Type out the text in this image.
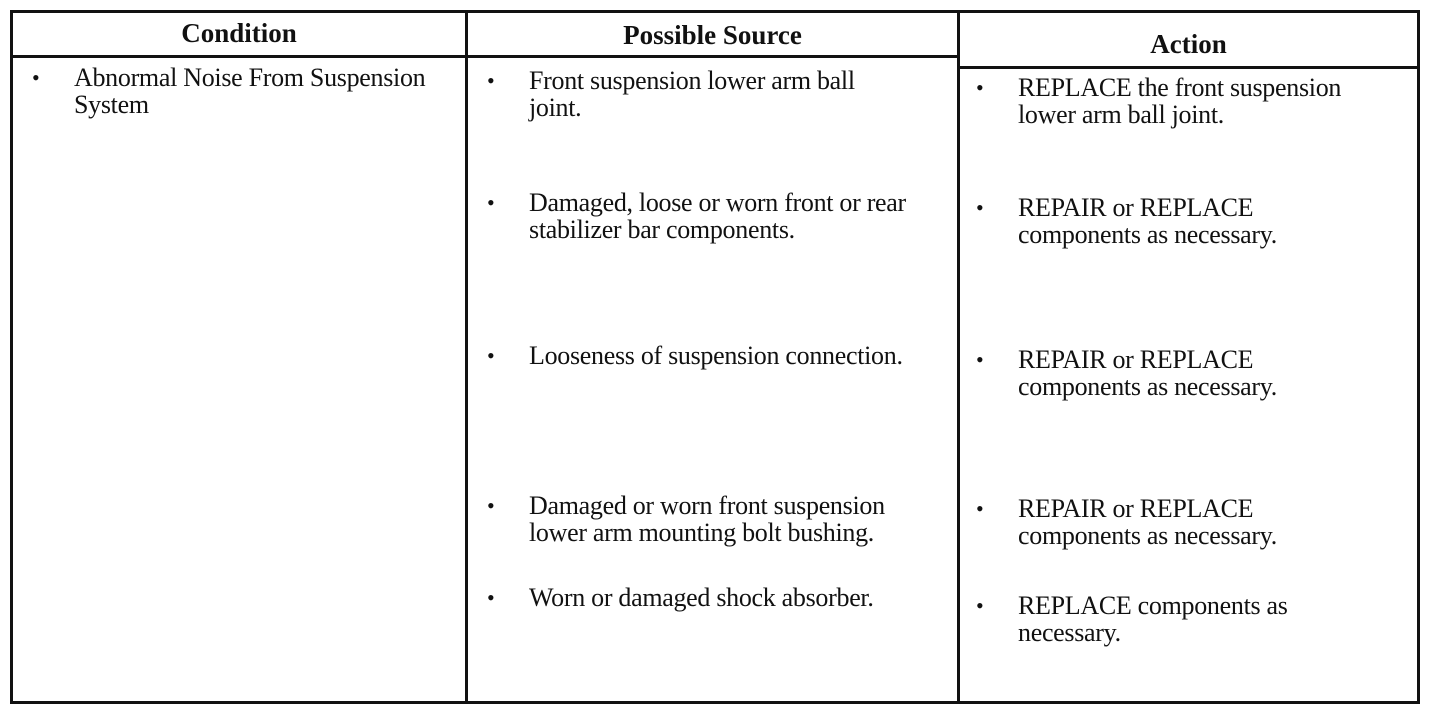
Condition	Possible Source	Action
• Abnormal Noise From Suspension System
• Front suspension lower arm ball joint.
• Damaged, loose or worn front or rear stabilizer bar components.
• Looseness of suspension connection.
• Damaged or worn front suspension lower arm mounting bolt bushing.
• Worn or damaged shock absorber.
• REPLACE the front suspension lower arm ball joint.
• REPAIR or REPLACE components as necessary.
• REPAIR or REPLACE components as necessary.
• REPAIR or REPLACE components as necessary.
• REPLACE components as necessary.
